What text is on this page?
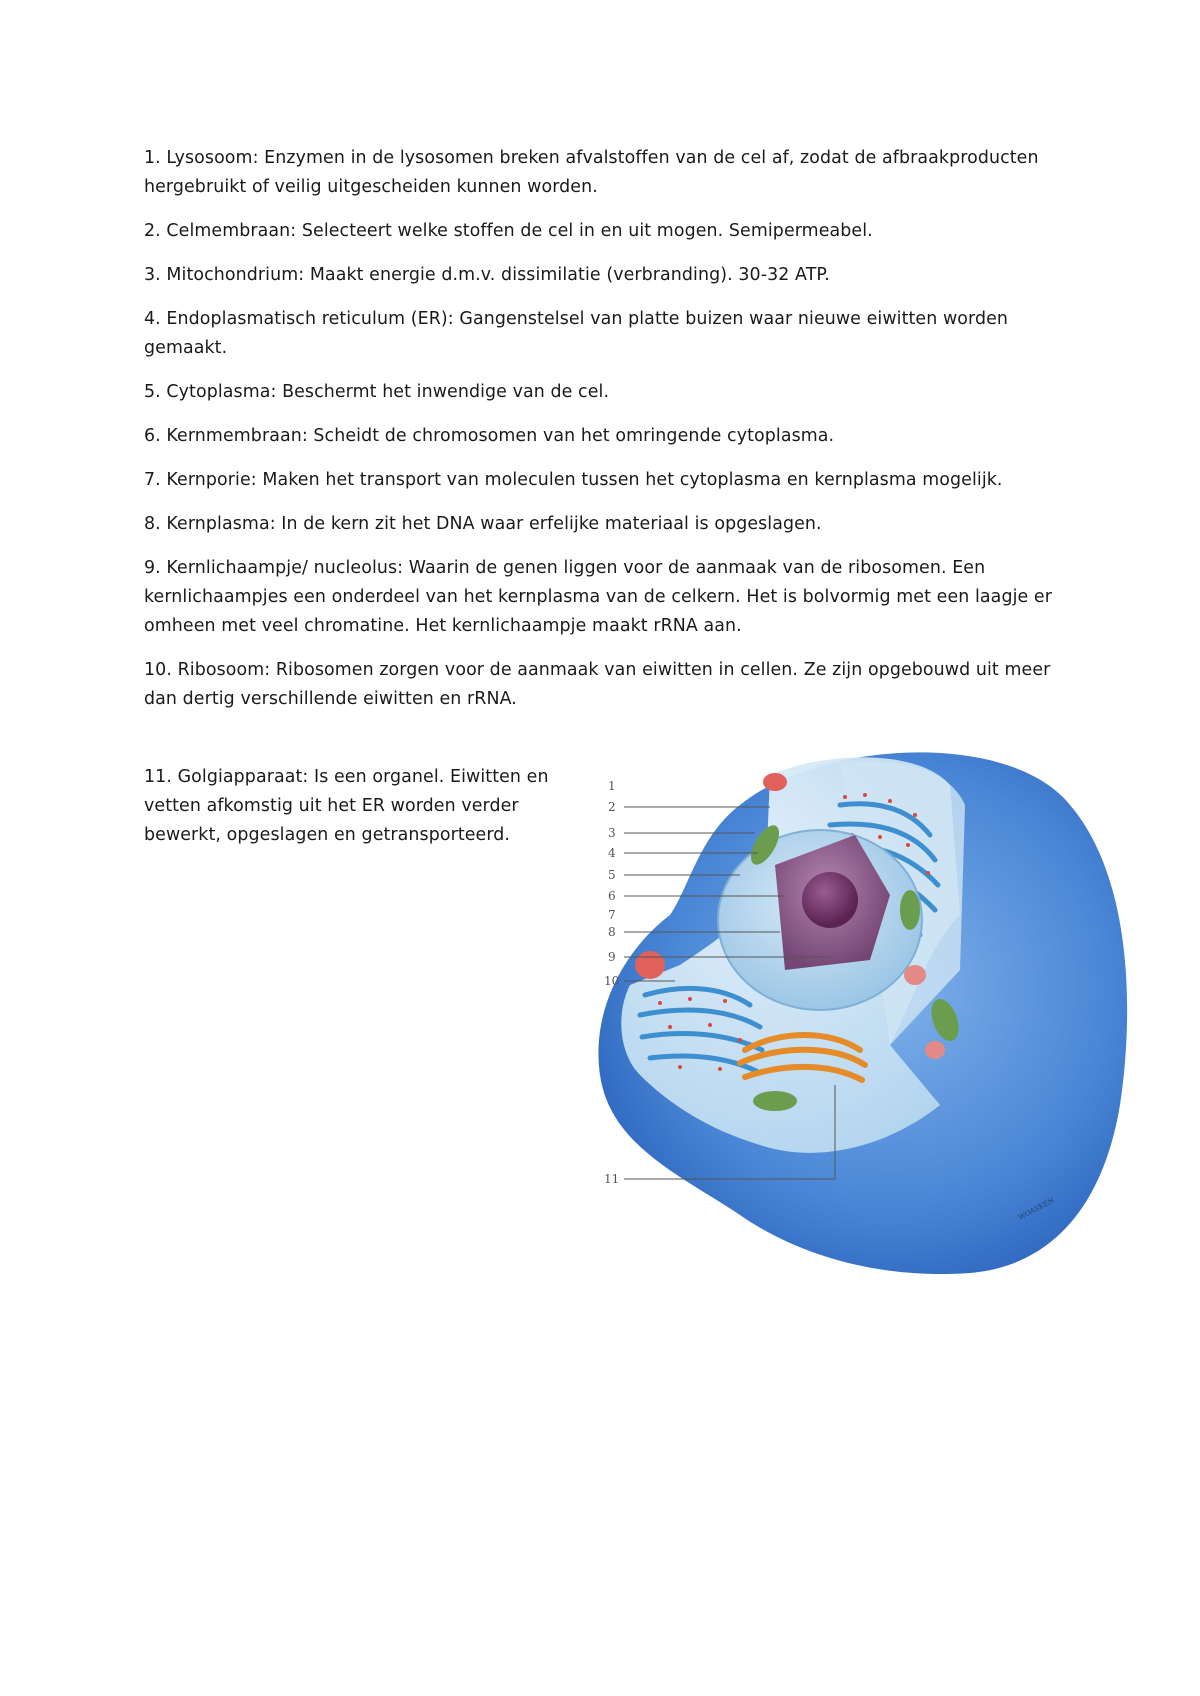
1. Lysosoom: Enzymen in de lysosomen breken afvalstoffen van de cel af, zodat de afbraakproducten hergebruikt of veilig uitgescheiden kunnen worden.

2. Celmembraan: Selecteert welke stoffen de cel in en uit mogen. Semipermeabel.

3. Mitochondrium: Maakt energie d.m.v. dissimilatie (verbranding). 30-32 ATP.

4. Endoplasmatisch reticulum (ER): Gangenstelsel van platte buizen waar nieuwe eiwitten worden gemaakt.

5. Cytoplasma: Beschermt het inwendige van de cel.

6. Kernmembraan: Scheidt de chromosomen van het omringende cytoplasma.

7. Kernporie: Maken het transport van moleculen tussen het cytoplasma en kernplasma mogelijk.

8. Kernplasma: In de kern zit het DNA waar erfelijke materiaal is opgeslagen.

9. Kernlichaampje/ nucleolus: Waarin de genen liggen voor de aanmaak van de ribosomen. Een kernlichaampjes een onderdeel van het kernplasma van de celkern. Het is bolvormig met een laagje er omheen met veel chromatine. Het kernlichaampje maakt rRNA aan.

10. Ribosoom: Ribosomen zorgen voor de aanmaak van eiwitten in cellen. Ze zijn opgebouwd uit meer dan dertig verschillende eiwitten en rRNA.

11. Golgiapparaat: Is een organel. Eiwitten en vetten afkomstig uit het ER worden verder bewerkt, opgeslagen en getransporteerd.

1
2
3
4
5
6
7
8
9
10
11
WOASKEN
